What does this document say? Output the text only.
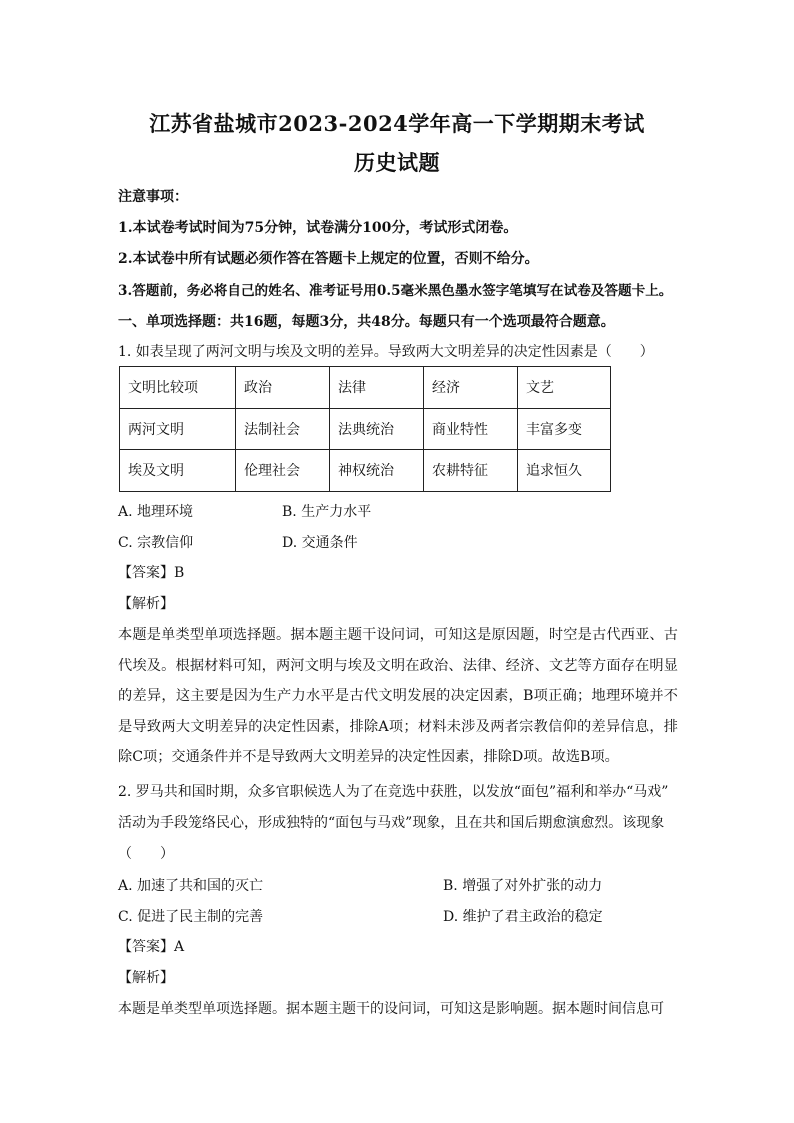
江苏省盐城市2023-2024学年高一下学期期末考试
历史试题
注意事项：
1.本试卷考试时间为75分钟，试卷满分100分，考试形式闭卷。
2.本试卷中所有试题必须作答在答题卡上规定的位置，否则不给分。
3.答题前，务必将自己的姓名、准考证号用0.5毫米黑色墨水签字笔填写在试卷及答题卡上。
一、单项选择题：共16题，每题3分，共48分。每题只有一个选项最符合题意。
1. 如表呈现了两河文明与埃及文明的差异。导致两大文明差异的决定性因素是（　　）
文明比较项	政治	法律	经济	文艺
两河文明	法制社会	法典统治	商业特性	丰富多变
埃及文明	伦理社会	神权统治	农耕特征	追求恒久
A. 地理环境	B. 生产力水平
C. 宗教信仰	D. 交通条件
【答案】B
【解析】
本题是单类型单项选择题。据本题主题干设问词，可知这是原因题，时空是古代西亚、古代埃及。根据材料可知，两河文明与埃及文明在政治、法律、经济、文艺等方面存在明显的差异，这主要是因为生产力水平是古代文明发展的决定因素，B项正确；地理环境并不是导致两大文明差异的决定性因素，排除A项；材料未涉及两者宗教信仰的差异信息，排除C项；交通条件并不是导致两大文明差异的决定性因素，排除D项。故选B项。
2. 罗马共和国时期，众多官职候选人为了在竞选中获胜，以发放“面包”福利和举办“马戏”
活动为手段笼络民心，形成独特的“面包与马戏”现象，且在共和国后期愈演愈烈。该现象
（　　）
A. 加速了共和国的灭亡	B. 增强了对外扩张的动力
C. 促进了民主制的完善	D. 维护了君主政治的稳定
【答案】A
【解析】
本题是单类型单项选择题。据本题主题干的设问词，可知这是影响题。据本题时间信息可
